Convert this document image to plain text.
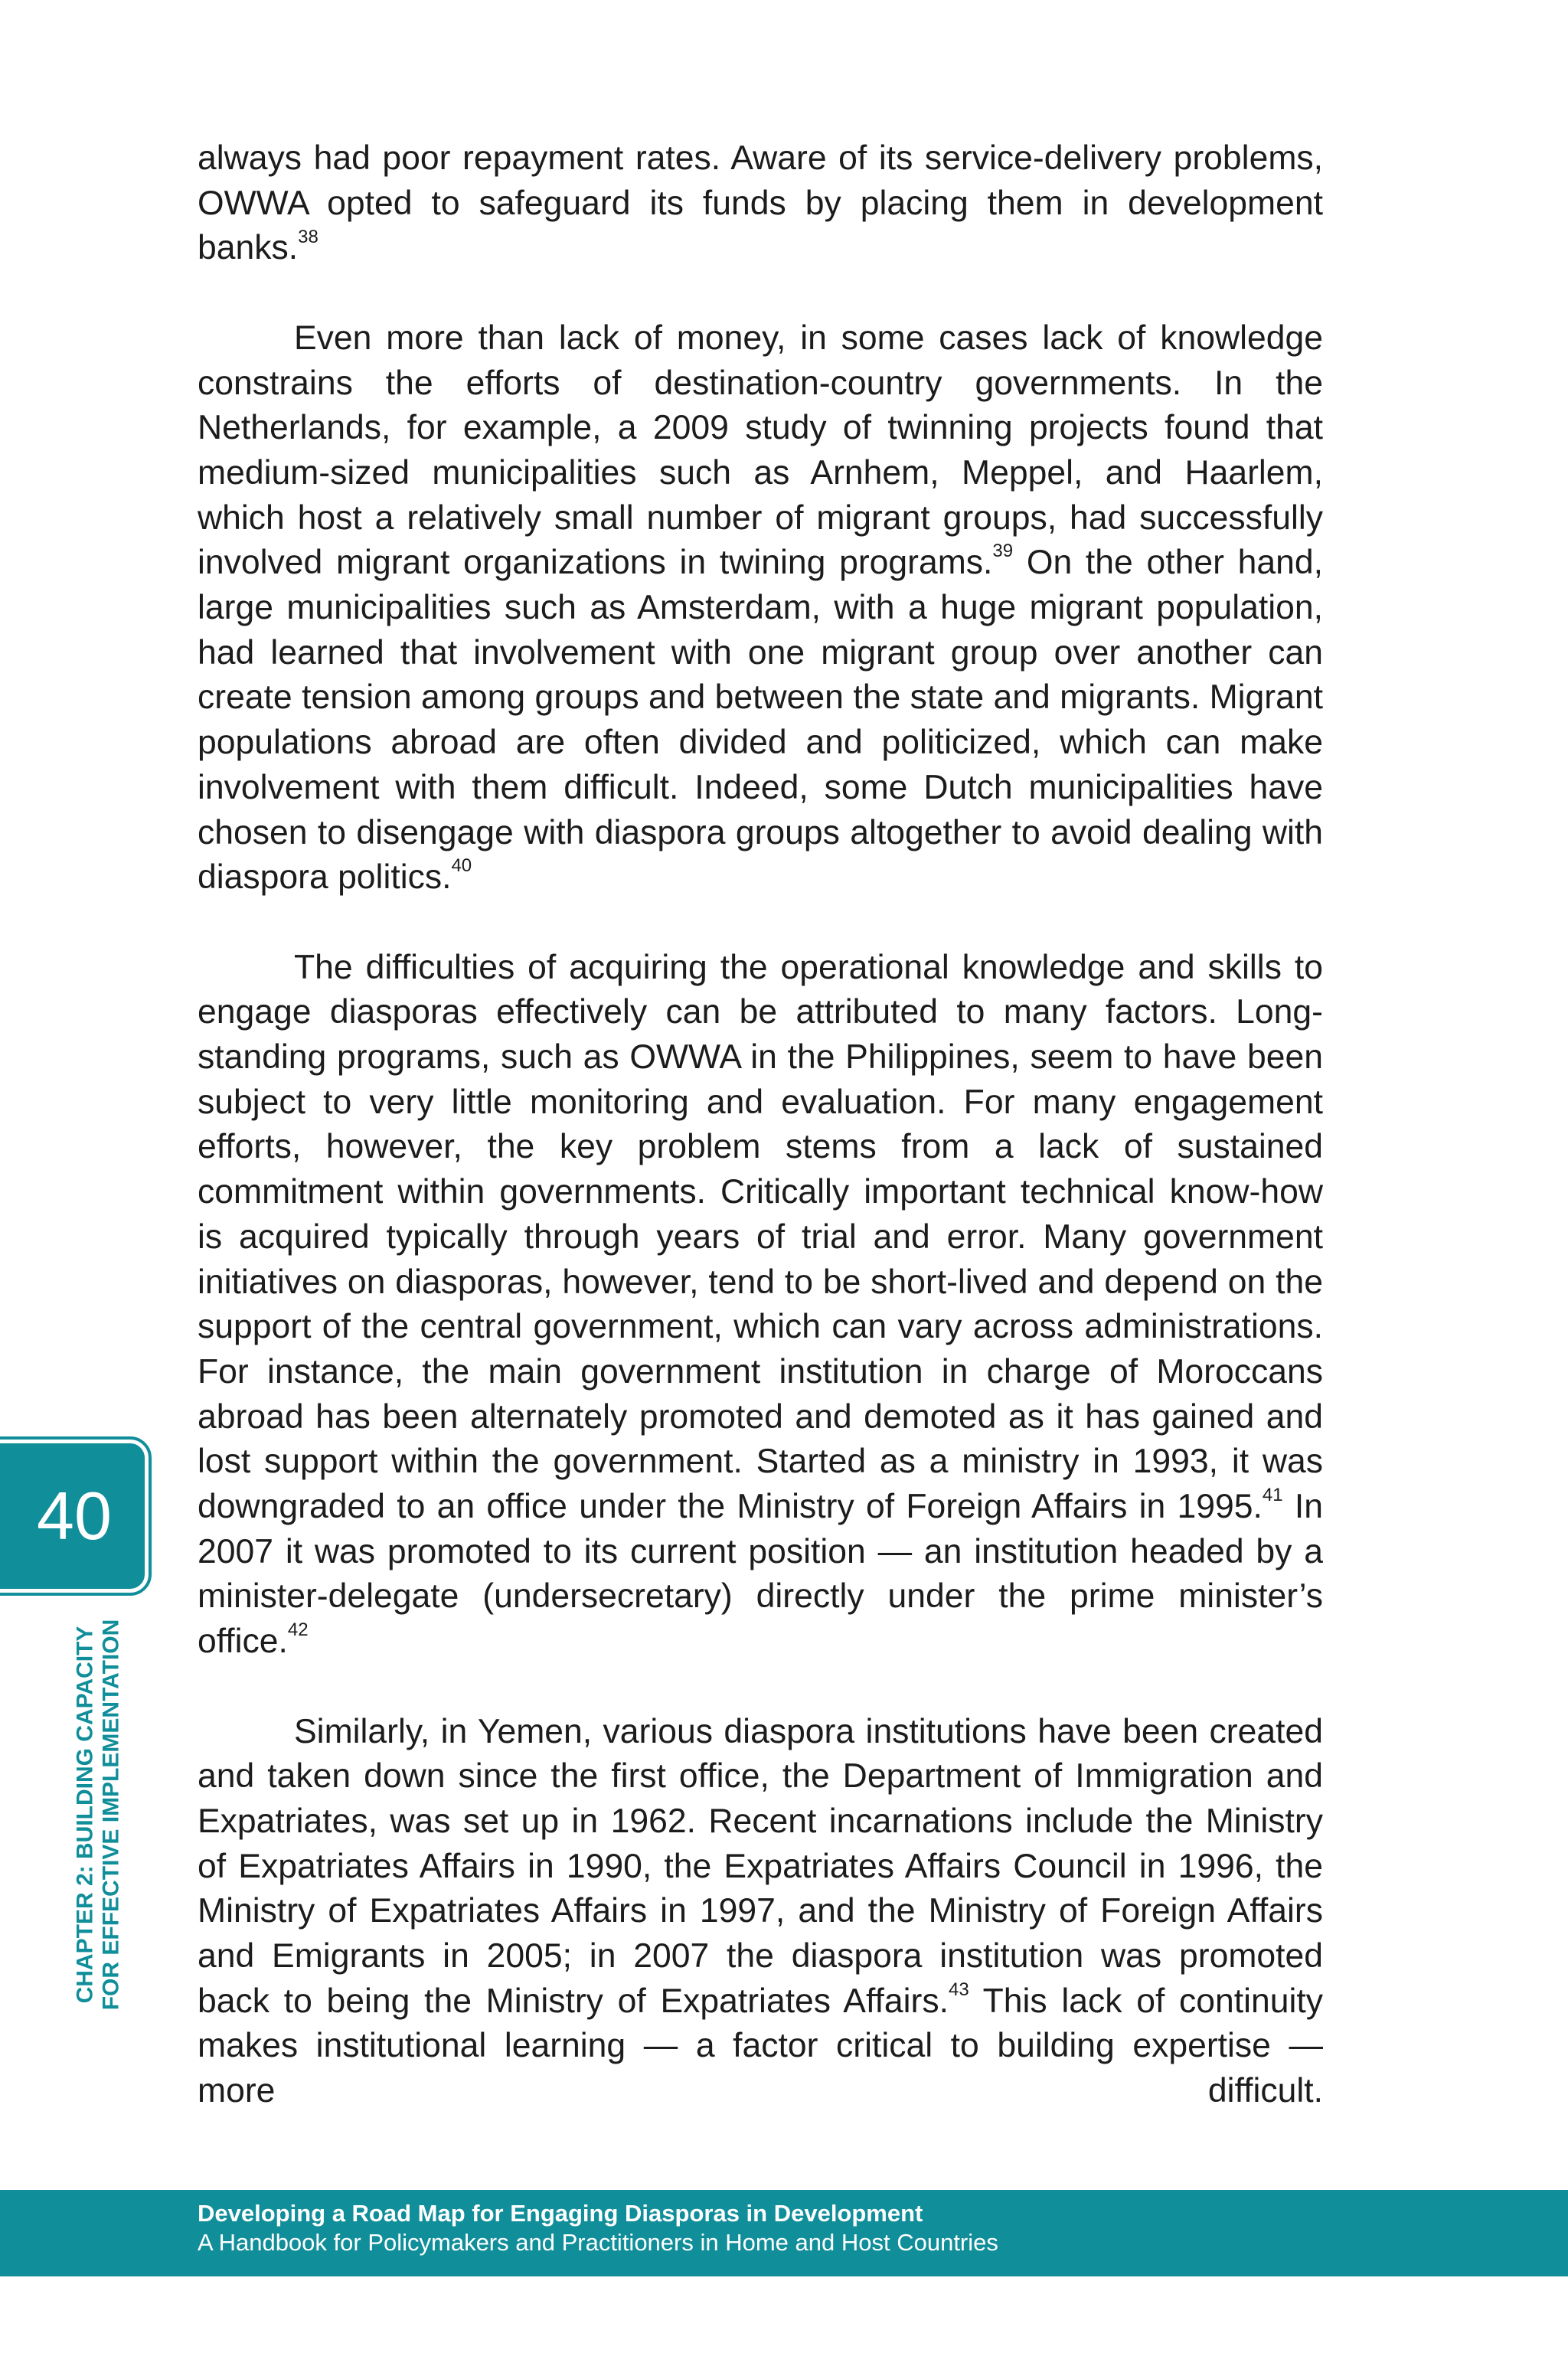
always had poor repayment rates. Aware of its service-delivery problems, OWWA opted to safeguard its funds by placing them in development banks.$^{38}$

Even more than lack of money, in some cases lack of knowledge constrains the efforts of destination-country governments. In the Netherlands, for example, a 2009 study of twinning projects found that medium-sized municipalities such as Arnhem, Meppel, and Haarlem, which host a relatively small number of migrant groups, had successfully involved migrant organizations in twining programs.$^{39}$ On the other hand, large municipalities such as Amsterdam, with a huge migrant population, had learned that involvement with one migrant group over another can create tension among groups and between the state and migrants. Migrant populations abroad are often divided and politicized, which can make involvement with them difficult. Indeed, some Dutch municipalities have chosen to disengage with diaspora groups altogether to avoid dealing with diaspora politics.$^{40}$

The difficulties of acquiring the operational knowledge and skills to engage diasporas effectively can be attributed to many factors. Long-standing programs, such as OWWA in the Philippines, seem to have been subject to very little monitoring and evaluation. For many engagement efforts, however, the key problem stems from a lack of sustained commitment within governments. Critically important technical know-how is acquired typically through years of trial and error. Many government initiatives on diasporas, however, tend to be short-lived and depend on the support of the central government, which can vary across administrations. For instance, the main government institution in charge of Moroccans abroad has been alternately promoted and demoted as it has gained and lost support within the government. Started as a ministry in 1993, it was downgraded to an office under the Ministry of Foreign Affairs in 1995.41 In 2007 it was promoted to its current position — an institution headed by a minister-delegate (undersecretary) directly under the prime minister’s office.$^{42}$

Similarly, in Yemen, various diaspora institutions have been created and taken down since the first office, the Department of Immigration and Expatriates, was set up in 1962. Recent incarnations include the Ministry of Expatriates Affairs in 1990, the Expatriates Affairs Council in 1996, the Ministry of Expatriates Affairs in 1997, and the Ministry of Foreign Affairs and Emigrants in 2005; in 2007 the diaspora institution was promoted back to being the Ministry of Expatriates Affairs.$^{43}$ This lack of continuity makes institutional learning — a factor critical to building expertise — more difficult.

40
CHAPTER 2: BUILDING CAPACITY FOR EFFECTIVE IMPLEMENTATION
Developing a Road Map for Engaging Diasporas in Development
A Handbook for Policymakers and Practitioners in Home and Host Countries
